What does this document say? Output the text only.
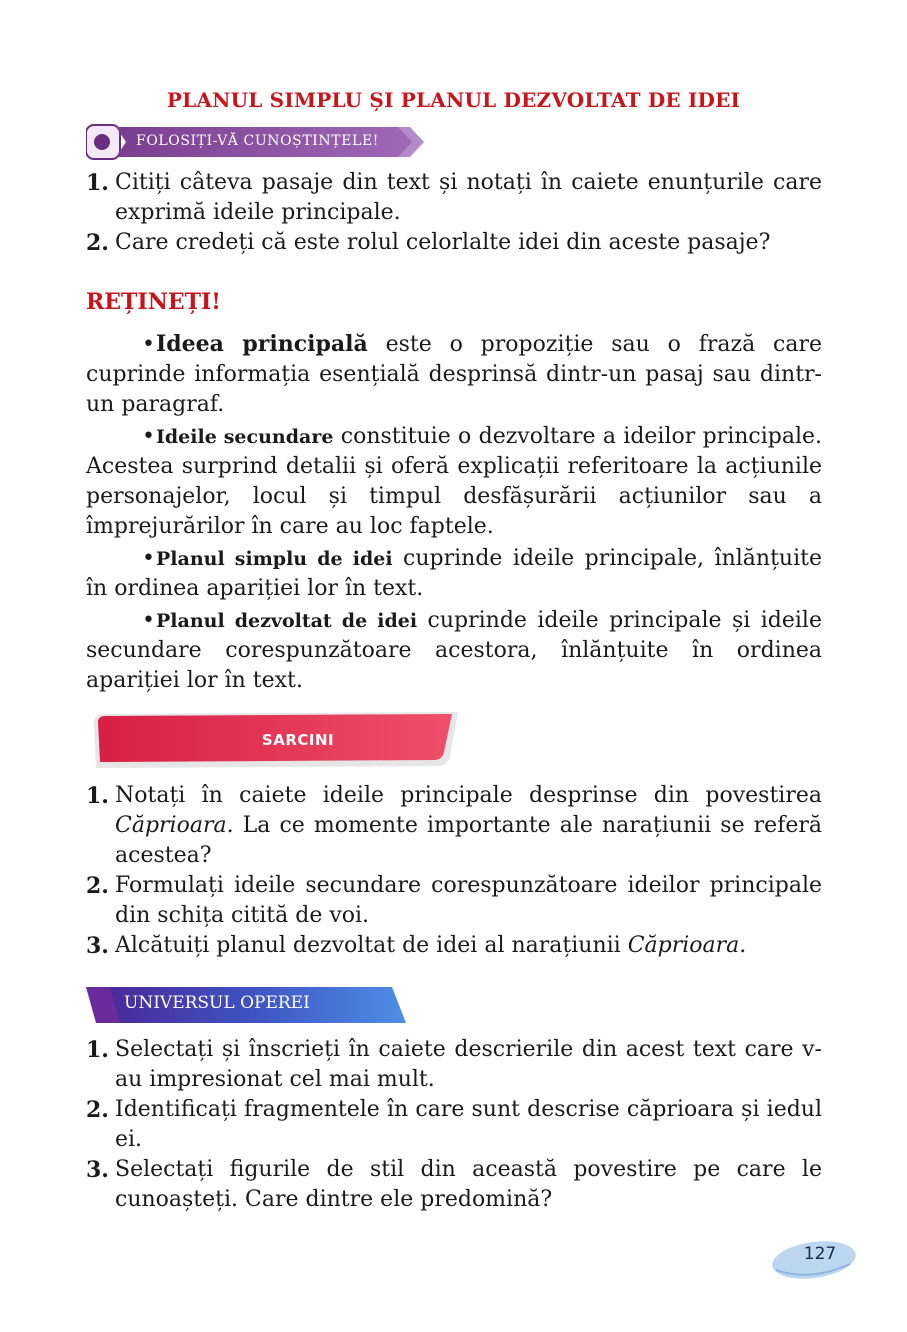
PLANUL SIMPLU ȘI PLANUL DEZVOLTAT DE IDEI
FOLOSIȚI-VĂ CUNOȘTINȚELE!
1. Citiți câteva pasaje din text și notați în caiete enunțurile care exprimă ideile principale.
2. Care credeți că este rolul celorlalte idei din aceste pasaje?
REȚINEȚI!

•Ideea principală este o propoziție sau o frază care cuprinde informația esențială desprinsă dintr-un pasaj sau dintr-un paragraf.

•Ideile secundare constituie o dezvoltare a ideilor principale. Acestea surprind detalii și oferă explicații referitoare la acțiunile personajelor, locul și timpul desfășurării acțiunilor sau a împrejurărilor în care au loc faptele.

•Planul simplu de idei cuprinde ideile principale, înlănțuite în ordinea apariției lor în text.

•Planul dezvoltat de idei cuprinde ideile principale și ideile secundare corespunzătoare acestora, înlănțuite în ordinea apariției lor în text.

SARCINI
1. Notați în caiete ideile principale desprinse din povestirea Căprioara. La ce momente importante ale narațiunii se referă acestea?
2. Formulați ideile secundare corespunzătoare ideilor principale din schița citită de voi.
3. Alcătuiți planul dezvoltat de idei al narațiunii Căprioara.
UNIVERSUL OPEREI
1. Selectați și înscrieți în caiete descrierile din acest text care v-au impresionat cel mai mult.
2. Identificați fragmentele în care sunt descrise căprioara și iedul ei.
3. Selectați figurile de stil din această povestire pe care le cunoașteți. Care dintre ele predomină?
127
